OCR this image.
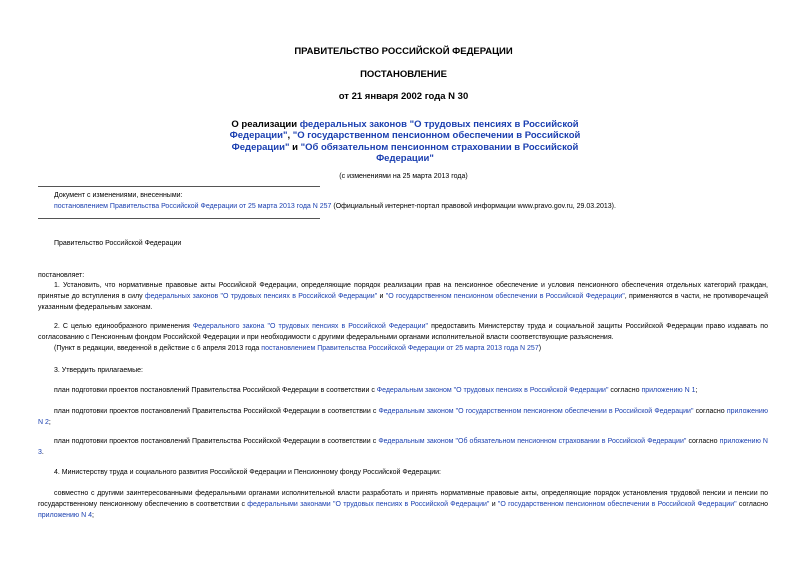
ПРАВИТЕЛЬСТВО РОССИЙСКОЙ ФЕДЕРАЦИИ
ПОСТАНОВЛЕНИЕ
от 21 января 2002 года N 30
О реализации федеральных законов "О трудовых пенсиях в Российской Федерации", "О государственном пенсионном обеспечении в Российской Федерации" и "Об обязательном пенсионном страховании в Российской Федерации"
(с изменениями на 25 марта 2013 года)
Документ с изменениями, внесенными:
постановлением Правительства Российской Федерации от 25 марта 2013 года N 257 (Официальный интернет-портал правовой информации www.pravo.gov.ru, 29.03.2013).
Правительство Российской Федерации
постановляет:
1. Установить, что нормативные правовые акты Российской Федерации, определяющие порядок реализации прав на пенсионное обеспечение и условия пенсионного обеспечения отдельных категорий граждан, принятые до вступления в силу федеральных законов "О трудовых пенсиях в Российской Федерации" и "О государственном пенсионном обеспечении в Российской Федерации", применяются в части, не противоречащей указанным федеральным законам.
2. С целью единообразного применения Федерального закона "О трудовых пенсиях в Российской Федерации" предоставить Министерству труда и социальной защиты Российской Федерации право издавать по согласованию с Пенсионным фондом Российской Федерации и при необходимости с другими федеральными органами исполнительной власти соответствующие разъяснения.
(Пункт в редакции, введенной в действие с 6 апреля 2013 года постановлением Правительства Российской Федерации от 25 марта 2013 года N 257)
3. Утвердить прилагаемые:
план подготовки проектов постановлений Правительства Российской Федерации в соответствии с Федеральным законом "О трудовых пенсиях в Российской Федерации" согласно приложению N 1;
план подготовки проектов постановлений Правительства Российской Федерации в соответствии с Федеральным законом "О государственном пенсионном обеспечении в Российской Федерации" согласно приложению N 2;
план подготовки проектов постановлений Правительства Российской Федерации в соответствии с Федеральным законом "Об обязательном пенсионном страховании в Российской Федерации" согласно приложению N 3.
4. Министерству труда и социального развития Российской Федерации и Пенсионному фонду Российской Федерации:
совместно с другими заинтересованными федеральными органами исполнительной власти разработать и принять нормативные правовые акты, определяющие порядок установления трудовой пенсии и пенсии по государственному пенсионному обеспечению в соответствии с федеральными законами "О трудовых пенсиях в Российской Федерации" и "О государственном пенсионном обеспечении в Российской Федерации" согласно приложению N 4;
